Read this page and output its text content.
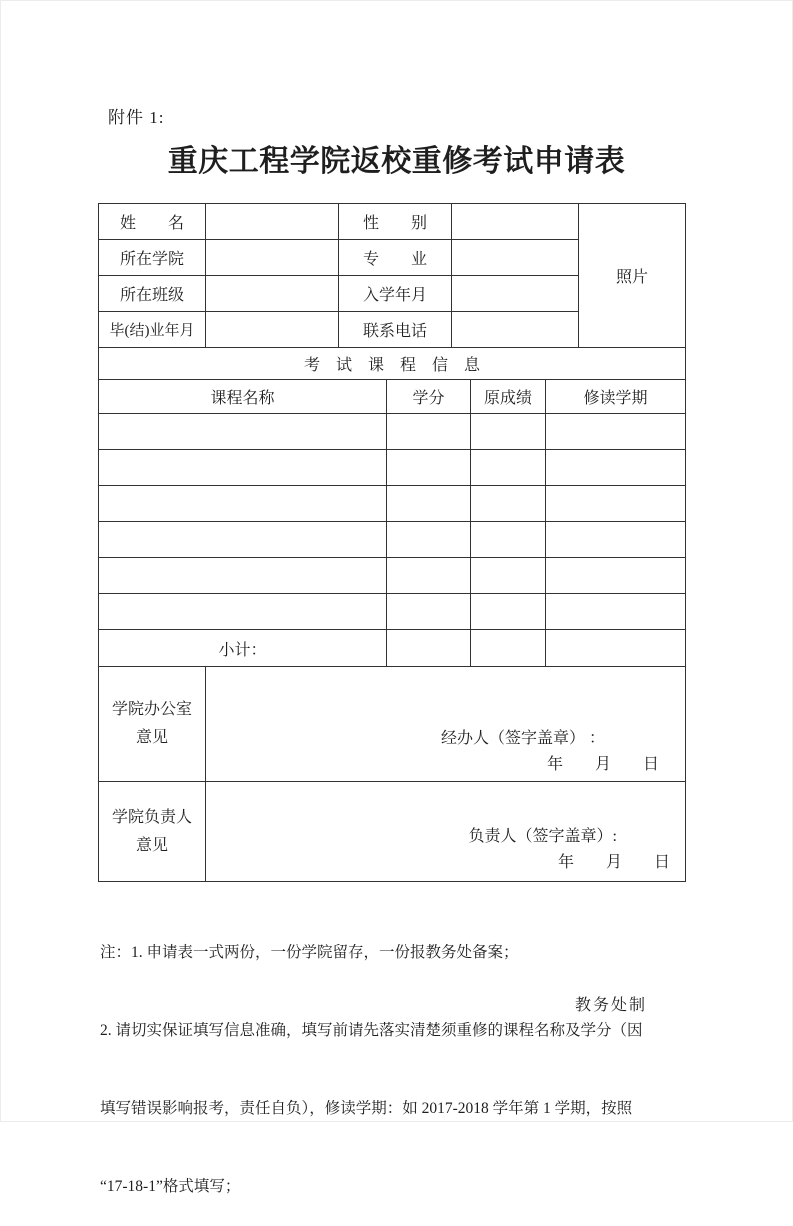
附件 1:
重庆工程学院返校重修考试申请表
姓　　名		性　　别		照片
所在学院		专　　业		
所在班级		入学年月		
毕(结)业年月		联系电话		
考　试　课　程　信　息
课程名称	学分	原成绩	修读学期

小计：			
学院办公室
意见	经办人（签字盖章） ：
年　　月　　日

学院负责人
意见	负责人（签字盖章）:
年　　月　　日

注：1. 申请表一式两份，一份学院留存，一份报教务处备案；

2. 请切实保证填写信息准确，填写前请先落实清楚须重修的课程名称及学分（因

填写错误影响报考，责任自负），修读学期：如 2017-2018 学年第 1 学期，按照

“17-18-1”格式填写；

教务处制
